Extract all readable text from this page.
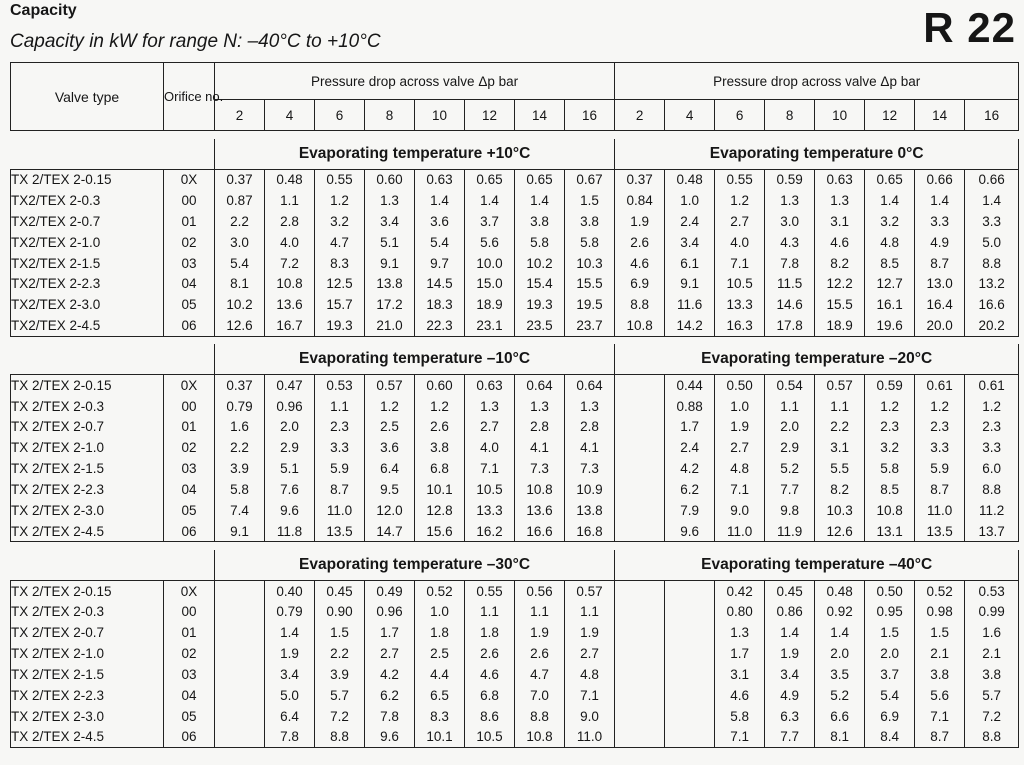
Capacity
Capacity in kW for range N: –40°C to +10°C	R 22
Valve type	Orifice no.	Pressure drop across valve Δp bar								Pressure drop across valve Δp bar							
		2	4	6	8	10	12	14	16	2	4	6	8	10	12	14	16

		Evaporating temperature +10°C								Evaporating temperature 0°C							
TX 2/TEX 2-0.15	0X	0.37	0.48	0.55	0.60	0.63	0.65	0.65	0.67	0.37	0.48	0.55	0.59	0.63	0.65	0.66	0.66
TX2/TEX 2-0.3	00	0.87	1.1	1.2	1.3	1.4	1.4	1.4	1.5	0.84	1.0	1.2	1.3	1.3	1.4	1.4	1.4
TX2/TEX 2-0.7	01	2.2	2.8	3.2	3.4	3.6	3.7	3.8	3.8	1.9	2.4	2.7	3.0	3.1	3.2	3.3	3.3
TX2/TEX 2-1.0	02	3.0	4.0	4.7	5.1	5.4	5.6	5.8	5.8	2.6	3.4	4.0	4.3	4.6	4.8	4.9	5.0
TX2/TEX 2-1.5	03	5.4	7.2	8.3	9.1	9.7	10.0	10.2	10.3	4.6	6.1	7.1	7.8	8.2	8.5	8.7	8.8
TX2/TEX 2-2.3	04	8.1	10.8	12.5	13.8	14.5	15.0	15.4	15.5	6.9	9.1	10.5	11.5	12.2	12.7	13.0	13.2
TX2/TEX 2-3.0	05	10.2	13.6	15.7	17.2	18.3	18.9	19.3	19.5	8.8	11.6	13.3	14.6	15.5	16.1	16.4	16.6
TX2/TEX 2-4.5	06	12.6	16.7	19.3	21.0	22.3	23.1	23.5	23.7	10.8	14.2	16.3	17.8	18.9	19.6	20.0	20.2

		Evaporating temperature –10°C								Evaporating temperature –20°C							
TX 2/TEX 2-0.15	0X	0.37	0.47	0.53	0.57	0.60	0.63	0.64	0.64		0.44	0.50	0.54	0.57	0.59	0.61	0.61
TX 2/TEX 2-0.3	00	0.79	0.96	1.1	1.2	1.2	1.3	1.3	1.3		0.88	1.0	1.1	1.1	1.2	1.2	1.2
TX 2/TEX 2-0.7	01	1.6	2.0	2.3	2.5	2.6	2.7	2.8	2.8		1.7	1.9	2.0	2.2	2.3	2.3	2.3
TX 2/TEX 2-1.0	02	2.2	2.9	3.3	3.6	3.8	4.0	4.1	4.1		2.4	2.7	2.9	3.1	3.2	3.3	3.3
TX 2/TEX 2-1.5	03	3.9	5.1	5.9	6.4	6.8	7.1	7.3	7.3		4.2	4.8	5.2	5.5	5.8	5.9	6.0
TX 2/TEX 2-2.3	04	5.8	7.6	8.7	9.5	10.1	10.5	10.8	10.9		6.2	7.1	7.7	8.2	8.5	8.7	8.8
TX 2/TEX 2-3.0	05	7.4	9.6	11.0	12.0	12.8	13.3	13.6	13.8		7.9	9.0	9.8	10.3	10.8	11.0	11.2
TX 2/TEX 2-4.5	06	9.1	11.8	13.5	14.7	15.6	16.2	16.6	16.8		9.6	11.0	11.9	12.6	13.1	13.5	13.7

		Evaporating temperature –30°C								Evaporating temperature –40°C							
TX 2/TEX 2-0.15	0X		0.40	0.45	0.49	0.52	0.55	0.56	0.57			0.42	0.45	0.48	0.50	0.52	0.53
TX 2/TEX 2-0.3	00		0.79	0.90	0.96	1.0	1.1	1.1	1.1			0.80	0.86	0.92	0.95	0.98	0.99
TX 2/TEX 2-0.7	01		1.4	1.5	1.7	1.8	1.8	1.9	1.9			1.3	1.4	1.4	1.5	1.5	1.6
TX 2/TEX 2-1.0	02		1.9	2.2	2.7	2.5	2.6	2.6	2.7			1.7	1.9	2.0	2.0	2.1	2.1
TX 2/TEX 2-1.5	03		3.4	3.9	4.2	4.4	4.6	4.7	4.8			3.1	3.4	3.5	3.7	3.8	3.8
TX 2/TEX 2-2.3	04		5.0	5.7	6.2	6.5	6.8	7.0	7.1			4.6	4.9	5.2	5.4	5.6	5.7
TX 2/TEX 2-3.0	05		6.4	7.2	7.8	8.3	8.6	8.8	9.0			5.8	6.3	6.6	6.9	7.1	7.2
TX 2/TEX 2-4.5	06		7.8	8.8	9.6	10.1	10.5	10.8	11.0			7.1	7.7	8.1	8.4	8.7	8.8
